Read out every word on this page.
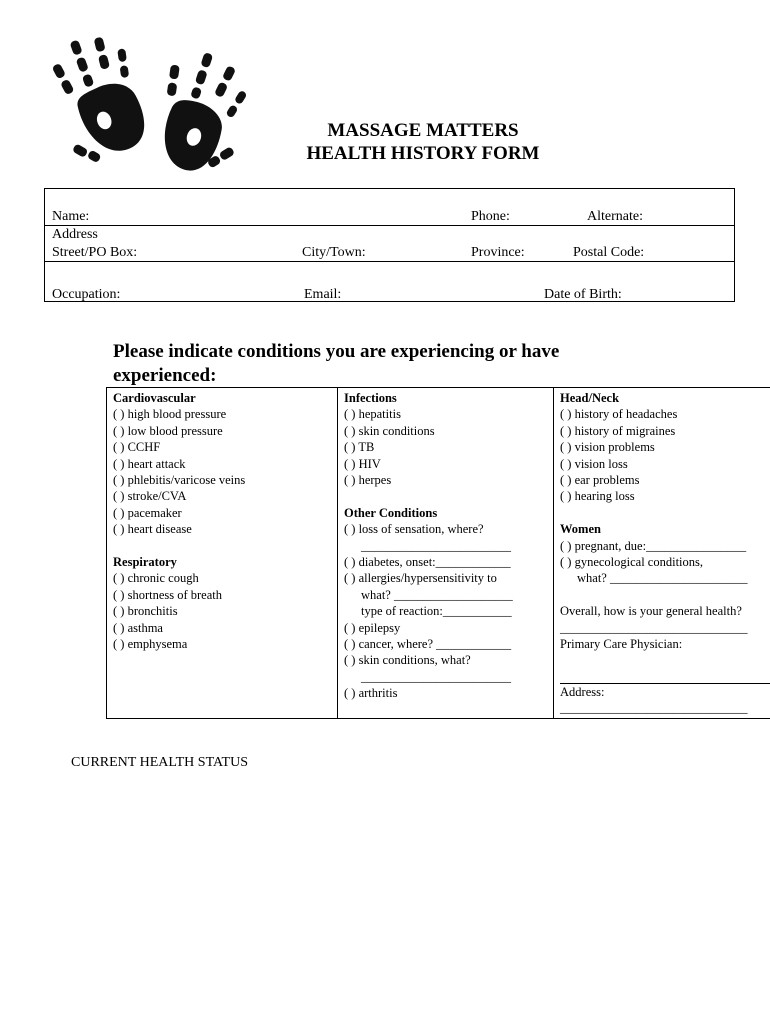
MASSAGE MATTERS
HEALTH HISTORY FORM
Name:	Phone:	Alternate:
Address
Street/PO Box:	City/Town:	Province:	Postal Code:
Occupation:	Email:	Date of Birth:
Please indicate conditions you are experiencing or have experienced:
Cardiovascular
( ) high blood pressure
( ) low blood pressure
( ) CCHF
( ) heart attack
( ) phlebitis/varicose veins
( ) stroke/CVA
( ) pacemaker
( ) heart disease
Respiratory
( ) chronic cough
( ) shortness of breath
( ) bronchitis
( ) asthma
( ) emphysema
Infections
( ) hepatitis
( ) skin conditions
( ) TB
( ) HIV
( ) herpes
Other Conditions
( ) loss of sensation, where?
________________________
( ) diabetes, onset:____________
( ) allergies/hypersensitivity to
what? ___________________
type of reaction:___________
( ) epilepsy
( ) cancer, where? ____________
( ) skin conditions, what?
________________________
( ) arthritis
Head/Neck
( ) history of headaches
( ) history of migraines
( ) vision problems
( ) vision loss
( ) ear problems
( ) hearing loss
Women
( ) pregnant, due:________________
( ) gynecological conditions,
what? ______________________
Overall, how is your general health?
______________________________
Primary Care Physician:
Address:
______________________________
CURRENT HEALTH STATUS
